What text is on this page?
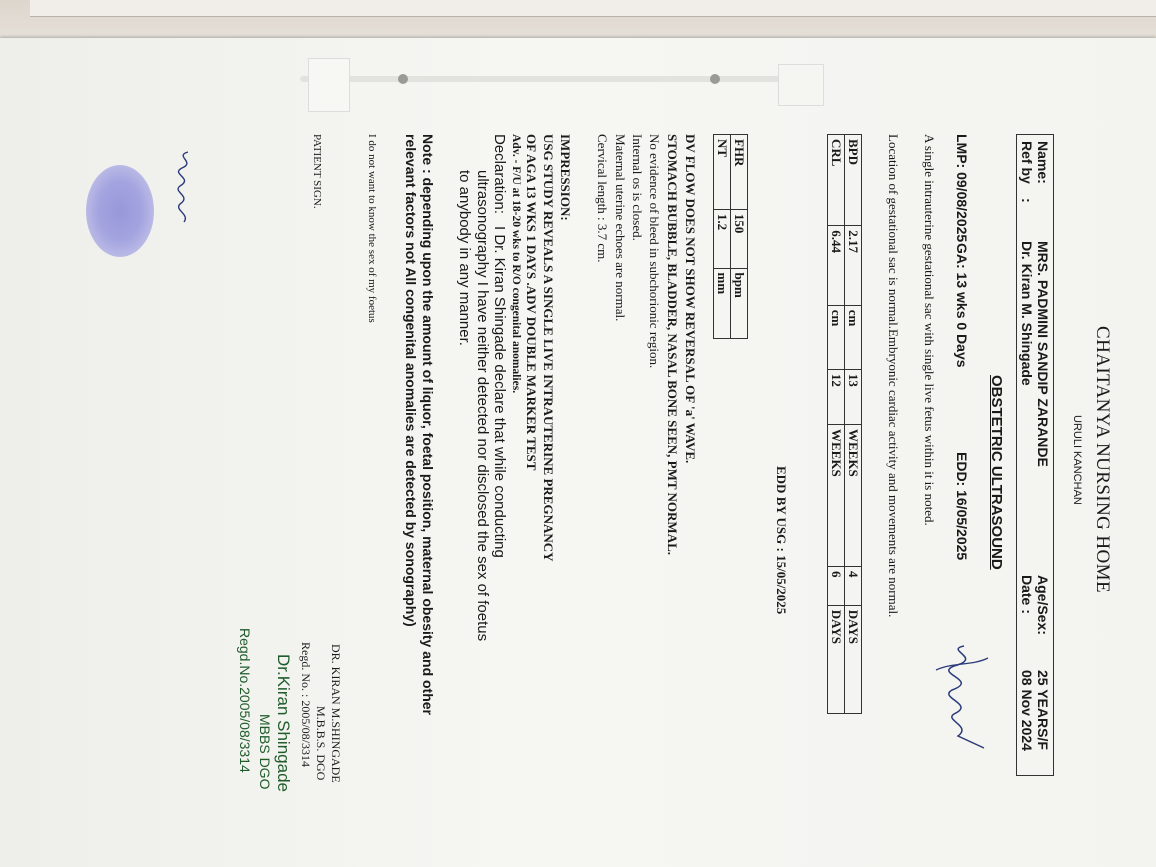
CHAITANYA NURSING HOME
URULI KANCHAN
Name:
MRS. PADMINI SANDIP ZARANDE
Age/Sex:
25 YEARS/F
Ref by
:
Dr. Kiran M. Shingade
Date :
08 Nov 2024
OBSTETRIC ULTRASOUND
LMP: 09/08/2025
GA: 13 wks 0 Days
EDD: 16/05/2025
A single intrauterine gestational sac with single live fetus within it is noted.
Location of gestational sac is normal.Embryonic cardiac activity and movements are normal.
BPD	2.17	cm	13	WEEKS	4	DAYS
CRL	6.44	cm	12	WEEKS	6	DAYS
EDD BY USG : 15/05/2025
FHR	150	bpm
NT	1.2	mm
DV FLOW DOES NOT SHOW REVERSAL OF 'a' WAVE.
STOMACH BUBBLE, BLADDER, NASAL BONE SEEN, PMT NORMAL.
No evidence of bleed in subchorionic region.
Internal os is closed.
Maternal uterine echoes are normal.
Cervical length : 3.7 cm.
IMPRESSION:
USG STUDY REVEALS A SINGLE LIVE INTRAUTERINE PREGNANCY
OF AGA 13 WKS 1 DAYS .ADV DOUBLE MARKER TEST
Adv. - F/U at 18-20 wks to R/O congenital anomalies.
Declaration:
I Dr. Kiran Shingade declare that while conducting
ultrasonography I have neither detected nor disclosed the sex of foetus
to anybody in any manner.
Note : depending upon the amount of liquor, foetal position, maternal obesity and other
relevant factors not All congenital anomalies are detected by sonography)
I do not want to know the sex of my foetus
PATIENT SIGN.
DR. KIRAN M.SHINGADE
M.B.B.S. DGO
Regd. No. : 2005/08/3314
Dr.Kiran Shingade
MBBS DGO
Regd.No.2005/08/3314
